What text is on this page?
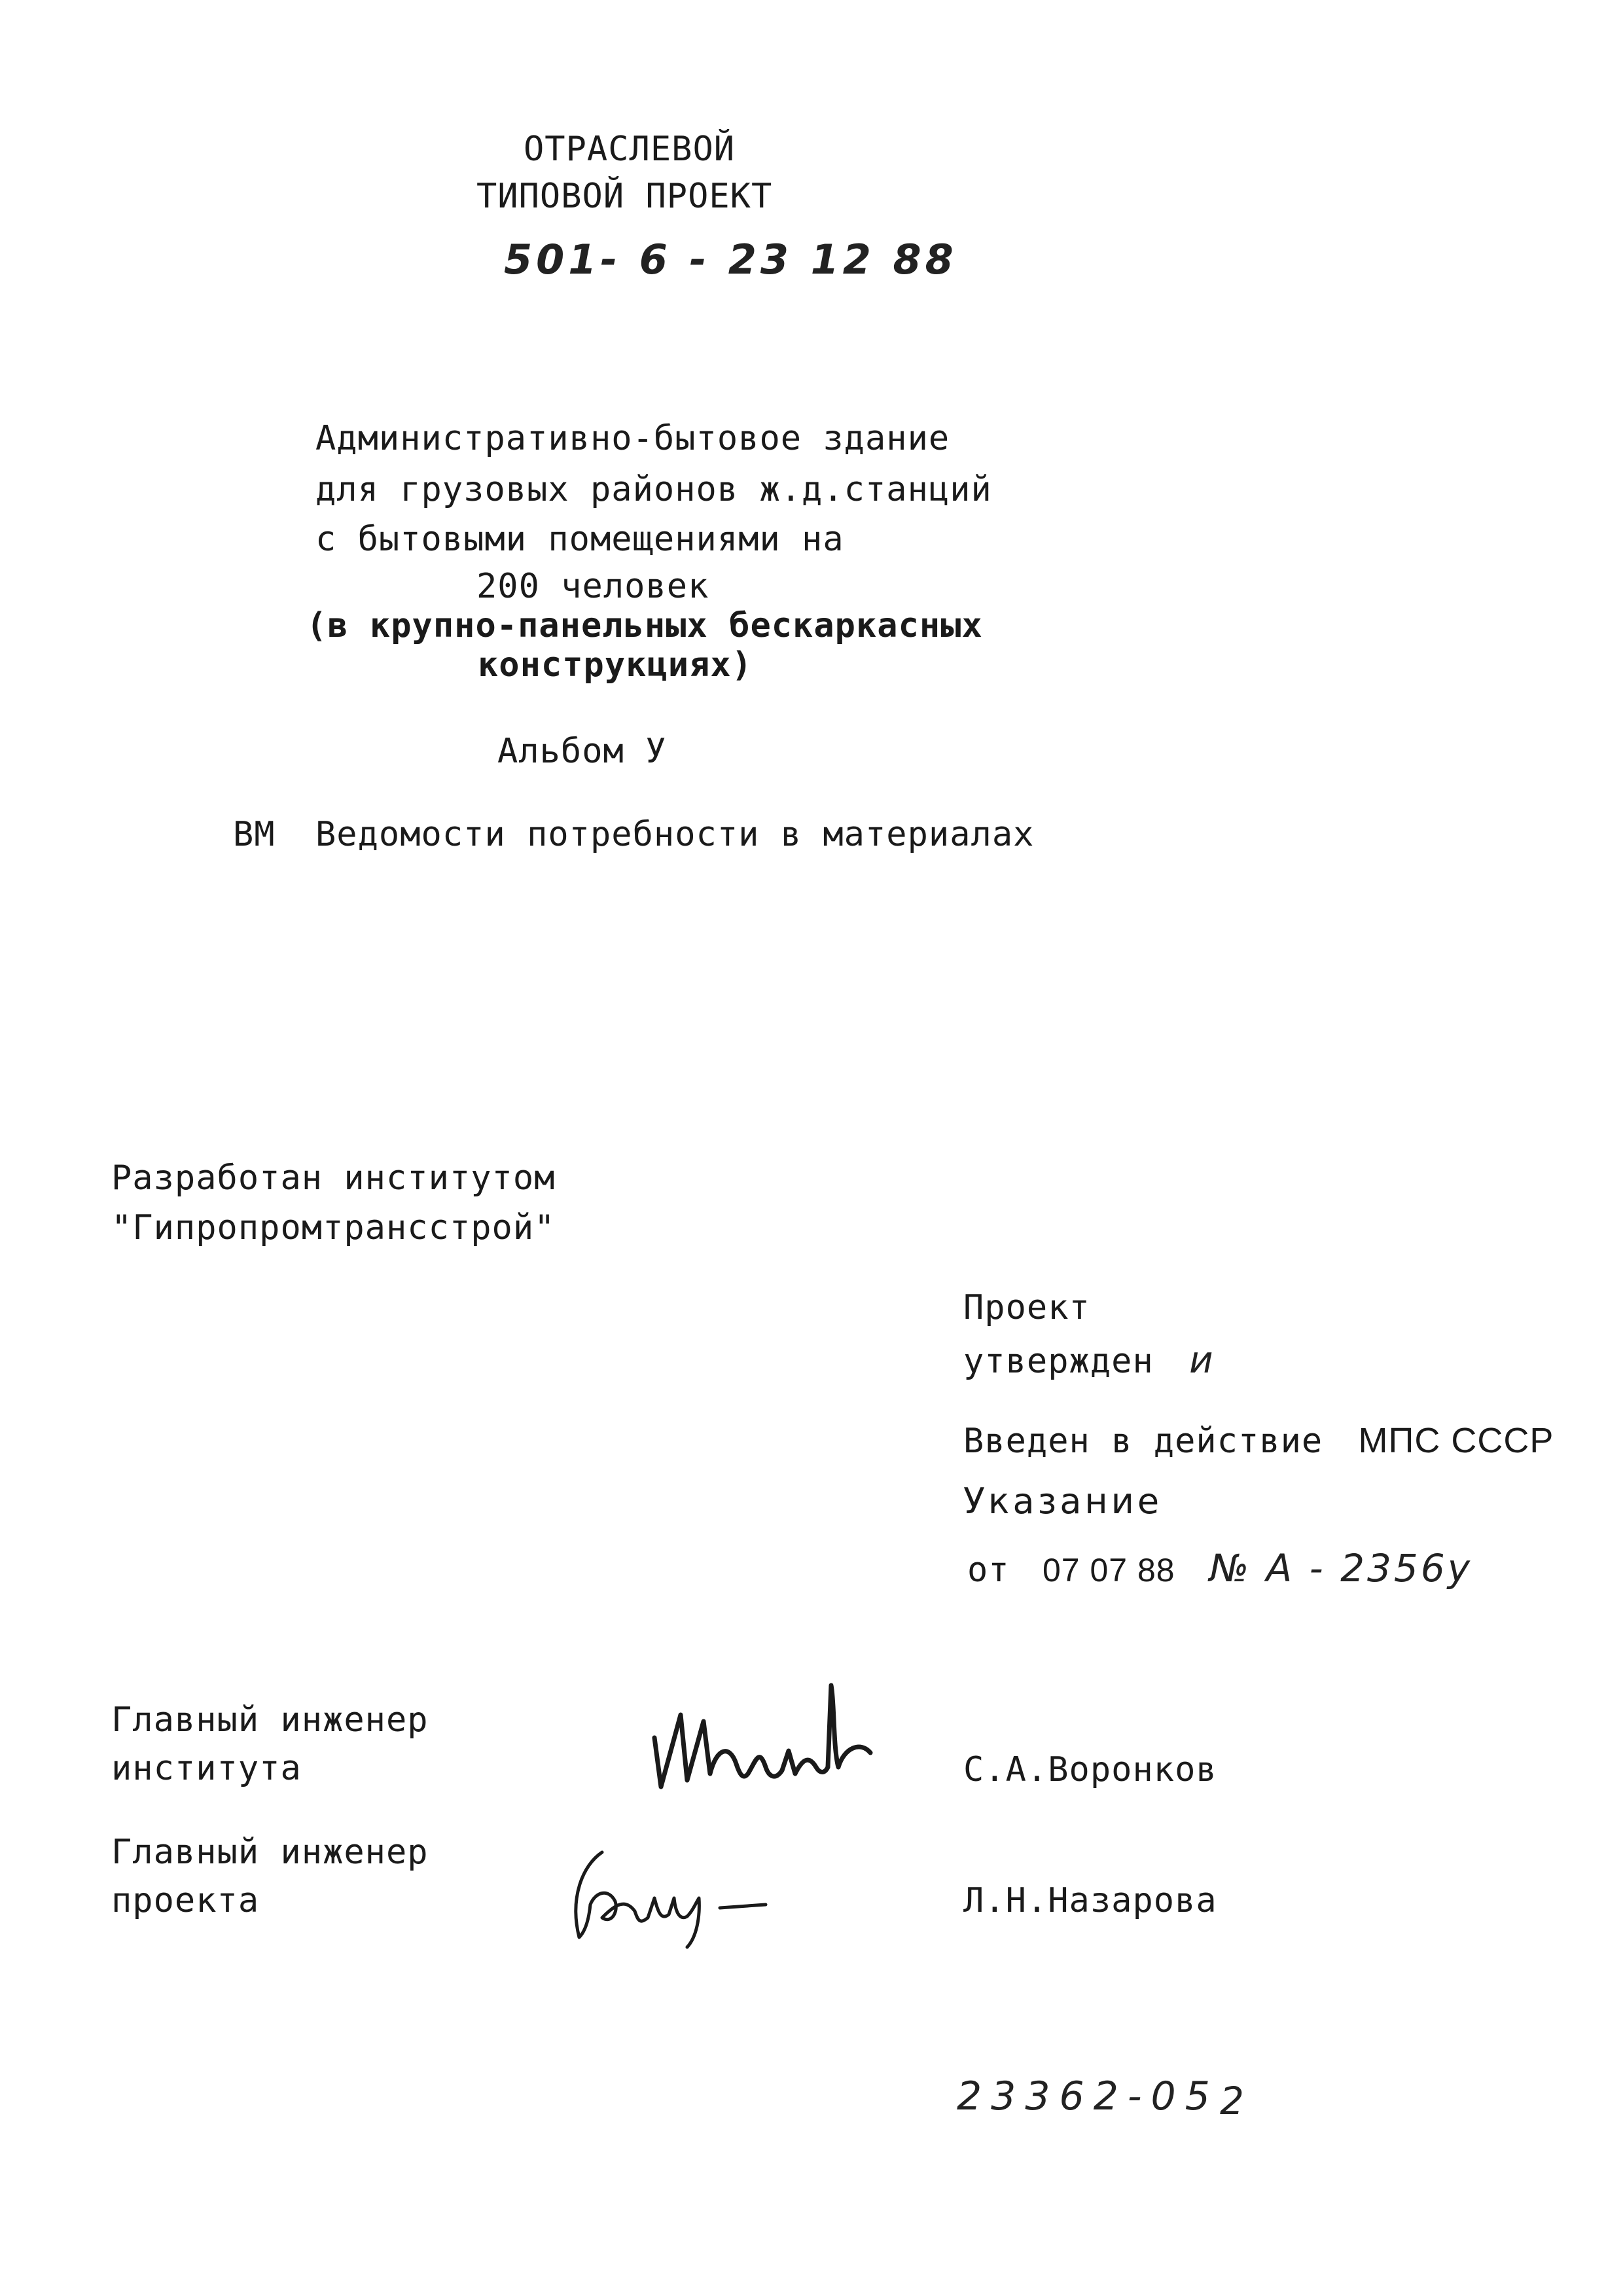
ОТРАСЛЕВОЙ
ТИПОВОЙ ПРОЕКТ
501- 6 - 23 12 88
Административно-бытовое здание
для грузовых районов ж.д.станций
с бытовыми помещениями на
200 человек
(в крупно-панельных бескаркасных
конструкциях)
Альбом У
ВМ Ведомости потребности в материалах
Разработан институтом
"Гипропромтрансстрой"
Проект
утвержден и
Введен в действие МПС СССР
Указание
от 07 07 88 № А - 2356у
Главный инженер
института	С.А.Воронков
Главный инженер
проекта	Л.Н.Назарова
23362-05 2
